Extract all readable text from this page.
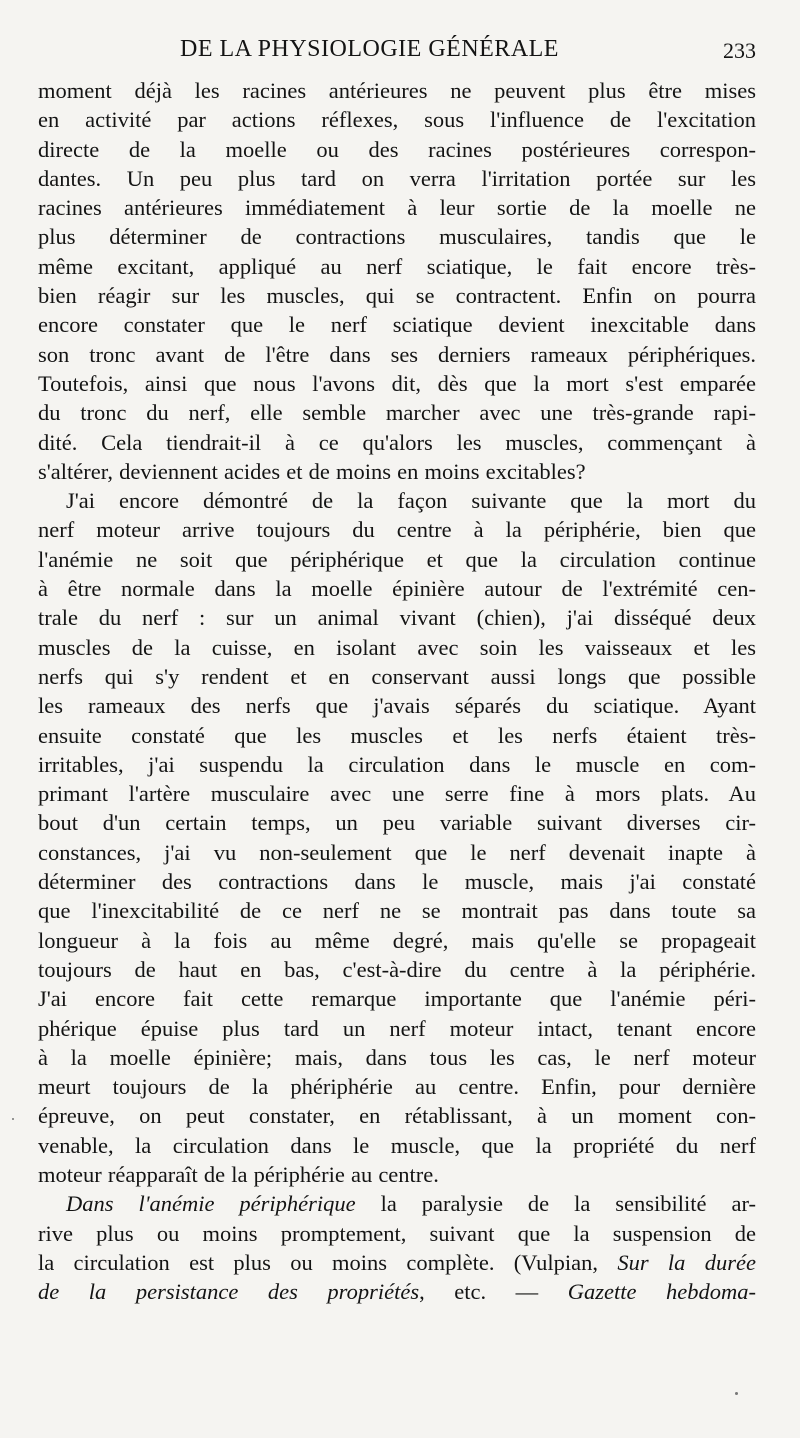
DE LA PHYSIOLOGIE GÉNÉRALE	233
moment déjà les racines antérieures ne peuvent plus être mises
en activité par actions réflexes, sous l'influence de l'excitation
directe de la moelle ou des racines postérieures correspon-
dantes. Un peu plus tard on verra l'irritation portée sur les
racines antérieures immédiatement à leur sortie de la moelle ne
plus déterminer de contractions musculaires, tandis que le
même excitant, appliqué au nerf sciatique, le fait encore très-
bien réagir sur les muscles, qui se contractent. Enfin on pourra
encore constater que le nerf sciatique devient inexcitable dans
son tronc avant de l'être dans ses derniers rameaux périphériques.
Toutefois, ainsi que nous l'avons dit, dès que la mort s'est emparée
du tronc du nerf, elle semble marcher avec une très-grande rapi-
dité. Cela tiendrait-il à ce qu'alors les muscles, commençant à
s'altérer, deviennent acides et de moins en moins excitables?
J'ai encore démontré de la façon suivante que la mort du
nerf moteur arrive toujours du centre à la périphérie, bien que
l'anémie ne soit que périphérique et que la circulation continue
à être normale dans la moelle épinière autour de l'extrémité cen-
trale du nerf : sur un animal vivant (chien), j'ai disséqué deux
muscles de la cuisse, en isolant avec soin les vaisseaux et les
nerfs qui s'y rendent et en conservant aussi longs que possible
les rameaux des nerfs que j'avais séparés du sciatique. Ayant
ensuite constaté que les muscles et les nerfs étaient très-
irritables, j'ai suspendu la circulation dans le muscle en com-
primant l'artère musculaire avec une serre fine à mors plats. Au
bout d'un certain temps, un peu variable suivant diverses cir-
constances, j'ai vu non-seulement que le nerf devenait inapte à
déterminer des contractions dans le muscle, mais j'ai constaté
que l'inexcitabilité de ce nerf ne se montrait pas dans toute sa
longueur à la fois au même degré, mais qu'elle se propageait
toujours de haut en bas, c'est-à-dire du centre à la périphérie.
J'ai encore fait cette remarque importante que l'anémie péri-
phérique épuise plus tard un nerf moteur intact, tenant encore
à la moelle épinière; mais, dans tous les cas, le nerf moteur
meurt toujours de la phériphérie au centre. Enfin, pour dernière
épreuve, on peut constater, en rétablissant, à un moment con-
venable, la circulation dans le muscle, que la propriété du nerf
moteur réapparaît de la périphérie au centre.
Dans l'anémie périphérique la paralysie de la sensibilité ar-
rive plus ou moins promptement, suivant que la suspension de
la circulation est plus ou moins complète. (Vulpian, Sur la durée
de la persistance des propriétés, etc. — Gazette hebdoma-
